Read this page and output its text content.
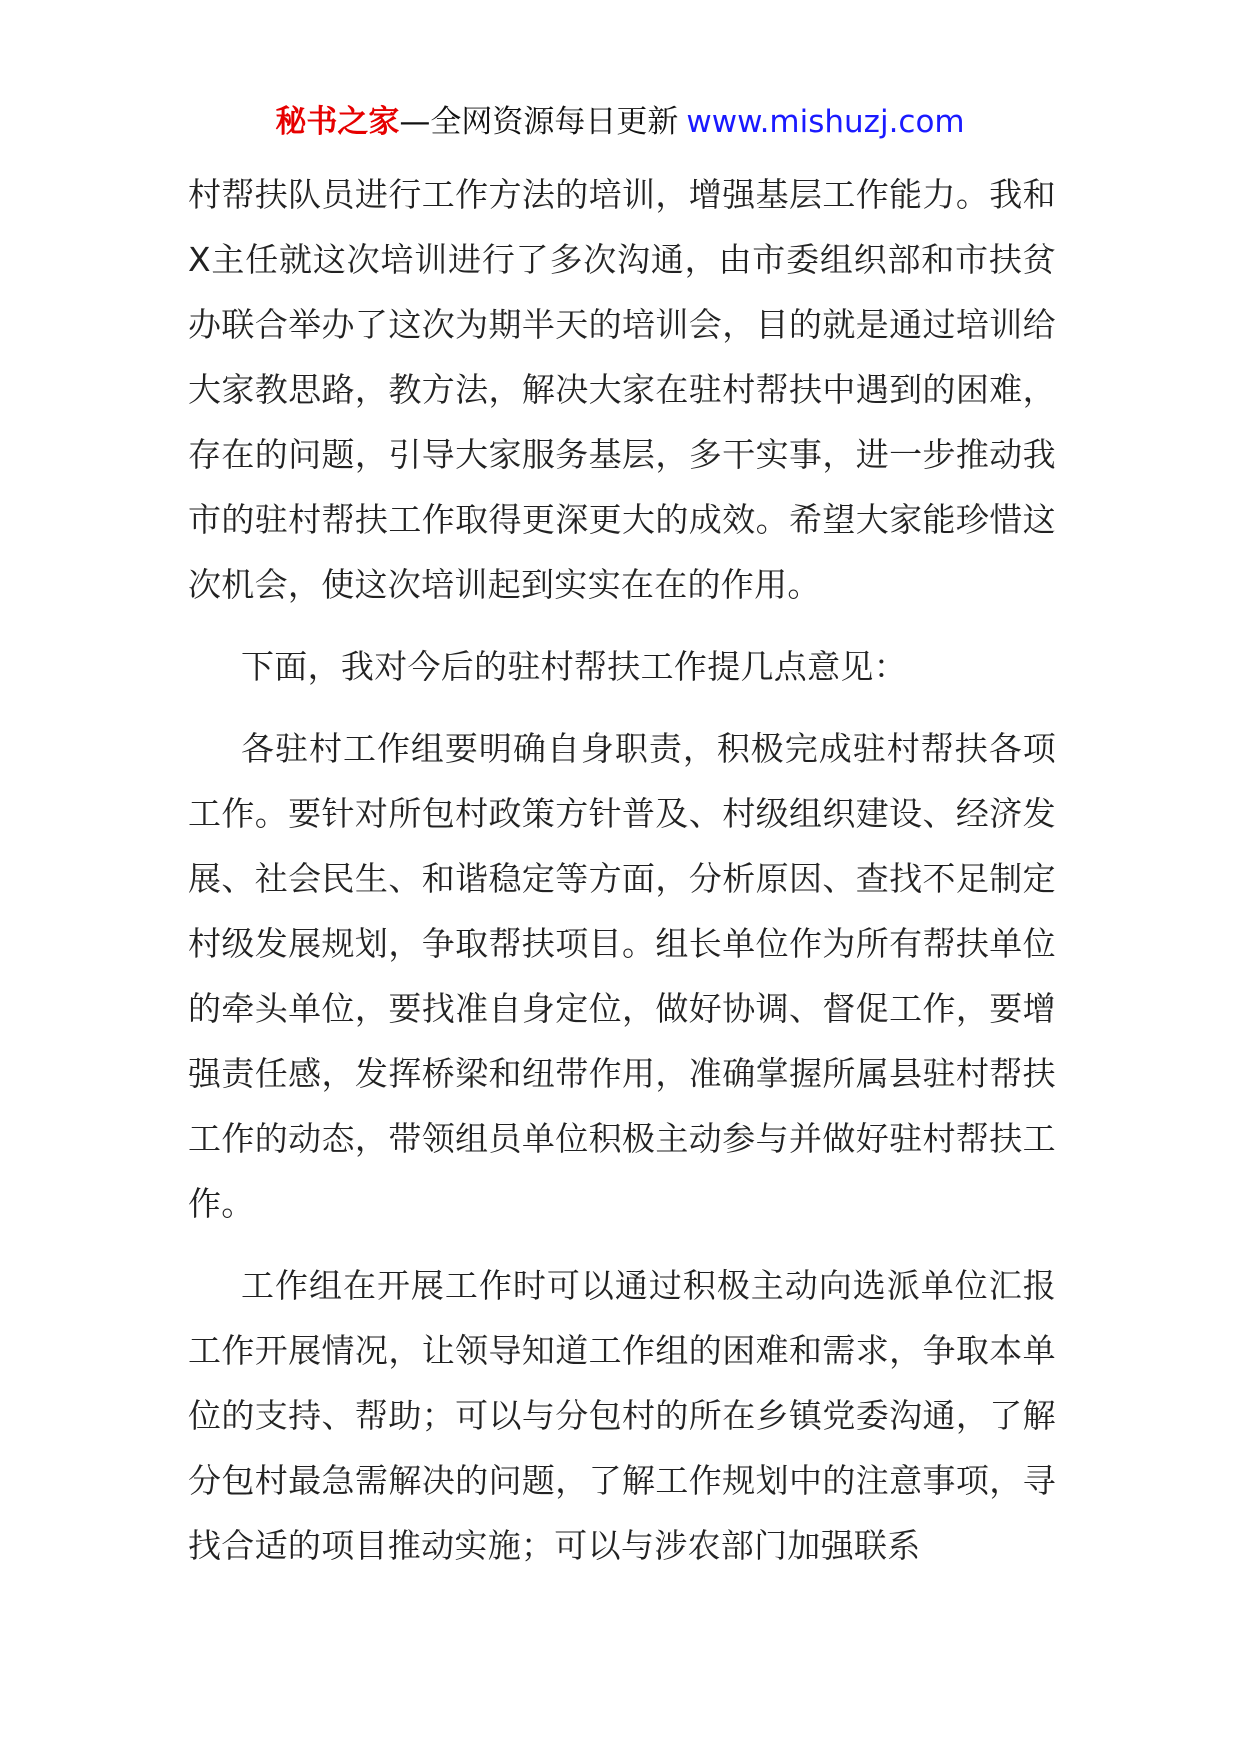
秘书之家—全网资源每日更新 www.mishuzj.com

村帮扶队员进行工作方法的培训，增强基层工作能力。我和X主任就这次培训进行了多次沟通，由市委组织部和市扶贫办联合举办了这次为期半天的培训会，目的就是通过培训给大家教思路，教方法，解决大家在驻村帮扶中遇到的困难，存在的问题，引导大家服务基层，多干实事，进一步推动我市的驻村帮扶工作取得更深更大的成效。希望大家能珍惜这次机会，使这次培训起到实实在在的作用。

下面，我对今后的驻村帮扶工作提几点意见：

各驻村工作组要明确自身职责，积极完成驻村帮扶各项工作。要针对所包村政策方针普及、村级组织建设、经济发展、社会民生、和谐稳定等方面，分析原因、查找不足制定村级发展规划，争取帮扶项目。组长单位作为所有帮扶单位的牵头单位，要找准自身定位，做好协调、督促工作，要增强责任感，发挥桥梁和纽带作用，准确掌握所属县驻村帮扶工作的动态，带领组员单位积极主动参与并做好驻村帮扶工作。

工作组在开展工作时可以通过积极主动向选派单位汇报工作开展情况，让领导知道工作组的困难和需求，争取本单位的支持、帮助；可以与分包村的所在乡镇党委沟通，了解分包村最急需解决的问题，了解工作规划中的注意事项，寻找合适的项目推动实施；可以与涉农部门加强联系
